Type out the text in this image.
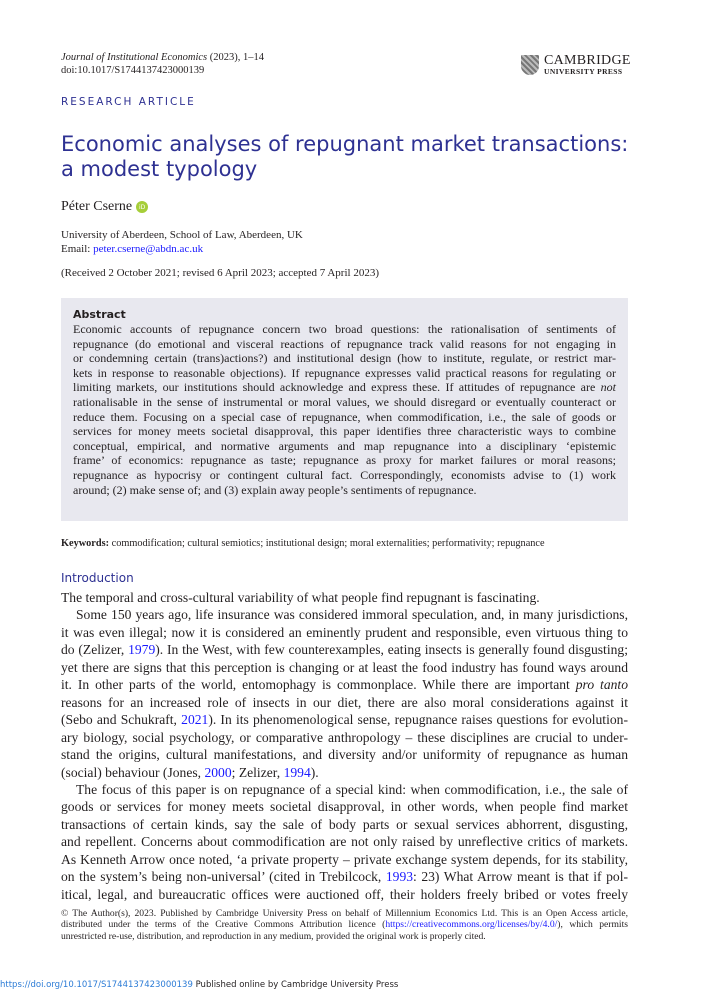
Journal of Institutional Economics (2023), 1–14
doi:10.1017/S1744137423000139
CAMBRIDGE
UNIVERSITY PRESS
RESEARCH ARTICLE
Economic analyses of repugnant market transactions: a modest typology
Péter Cserne	iD
University of Aberdeen, School of Law, Aberdeen, UK
Email: peter.cserne@abdn.ac.uk
(Received 2 October 2021; revised 6 April 2023; accepted 7 April 2023)
Abstract
Economic accounts of repugnance concern two broad questions: the rationalisation of sentiments of
repugnance (do emotional and visceral reactions of repugnance track valid reasons for not engaging in
or condemning certain (trans)actions?) and institutional design (how to institute, regulate, or restrict mar-
kets in response to reasonable objections). If repugnance expresses valid practical reasons for regulating or
limiting markets, our institutions should acknowledge and express these. If attitudes of repugnance are not
rationalisable in the sense of instrumental or moral values, we should disregard or eventually counteract or
reduce them. Focusing on a special case of repugnance, when commodification, i.e., the sale of goods or
services for money meets societal disapproval, this paper identifies three characteristic ways to combine
conceptual, empirical, and normative arguments and map repugnance into a disciplinary ‘epistemic
frame’ of economics: repugnance as taste; repugnance as proxy for market failures or moral reasons;
repugnance as hypocrisy or contingent cultural fact. Correspondingly, economists advise to (1) work
around; (2) make sense of; and (3) explain away people’s sentiments of repugnance.
Keywords: commodification; cultural semiotics; institutional design; moral externalities; performativity; repugnance
Introduction
The temporal and cross-cultural variability of what people find repugnant is fascinating.
Some 150 years ago, life insurance was considered immoral speculation, and, in many jurisdictions,
it was even illegal; now it is considered an eminently prudent and responsible, even virtuous thing to
do (Zelizer, 1979). In the West, with few counterexamples, eating insects is generally found disgusting;
yet there are signs that this perception is changing or at least the food industry has found ways around
it. In other parts of the world, entomophagy is commonplace. While there are important pro tanto
reasons for an increased role of insects in our diet, there are also moral considerations against it
(Sebo and Schukraft, 2021). In its phenomenological sense, repugnance raises questions for evolution-
ary biology, social psychology, or comparative anthropology – these disciplines are crucial to under-
stand the origins, cultural manifestations, and diversity and/or uniformity of repugnance as human
(social) behaviour (Jones, 2000; Zelizer, 1994).
The focus of this paper is on repugnance of a special kind: when commodification, i.e., the sale of
goods or services for money meets societal disapproval, in other words, when people find market
transactions of certain kinds, say the sale of body parts or sexual services abhorrent, disgusting,
and repellent. Concerns about commodification are not only raised by unreflective critics of markets.
As Kenneth Arrow once noted, ‘a private property – private exchange system depends, for its stability,
on the system’s being non-universal’ (cited in Trebilcock, 1993: 23) What Arrow meant is that if pol-
itical, legal, and bureaucratic offices were auctioned off, their holders freely bribed or votes freely
© The Author(s), 2023. Published by Cambridge University Press on behalf of Millennium Economics Ltd. This is an Open Access article,
distributed under the terms of the Creative Commons Attribution licence (https://creativecommons.org/licenses/by/4.0/), which permits
unrestricted re-use, distribution, and reproduction in any medium, provided the original work is properly cited.
https://doi.org/10.1017/S1744137423000139 Published online by Cambridge University Press
